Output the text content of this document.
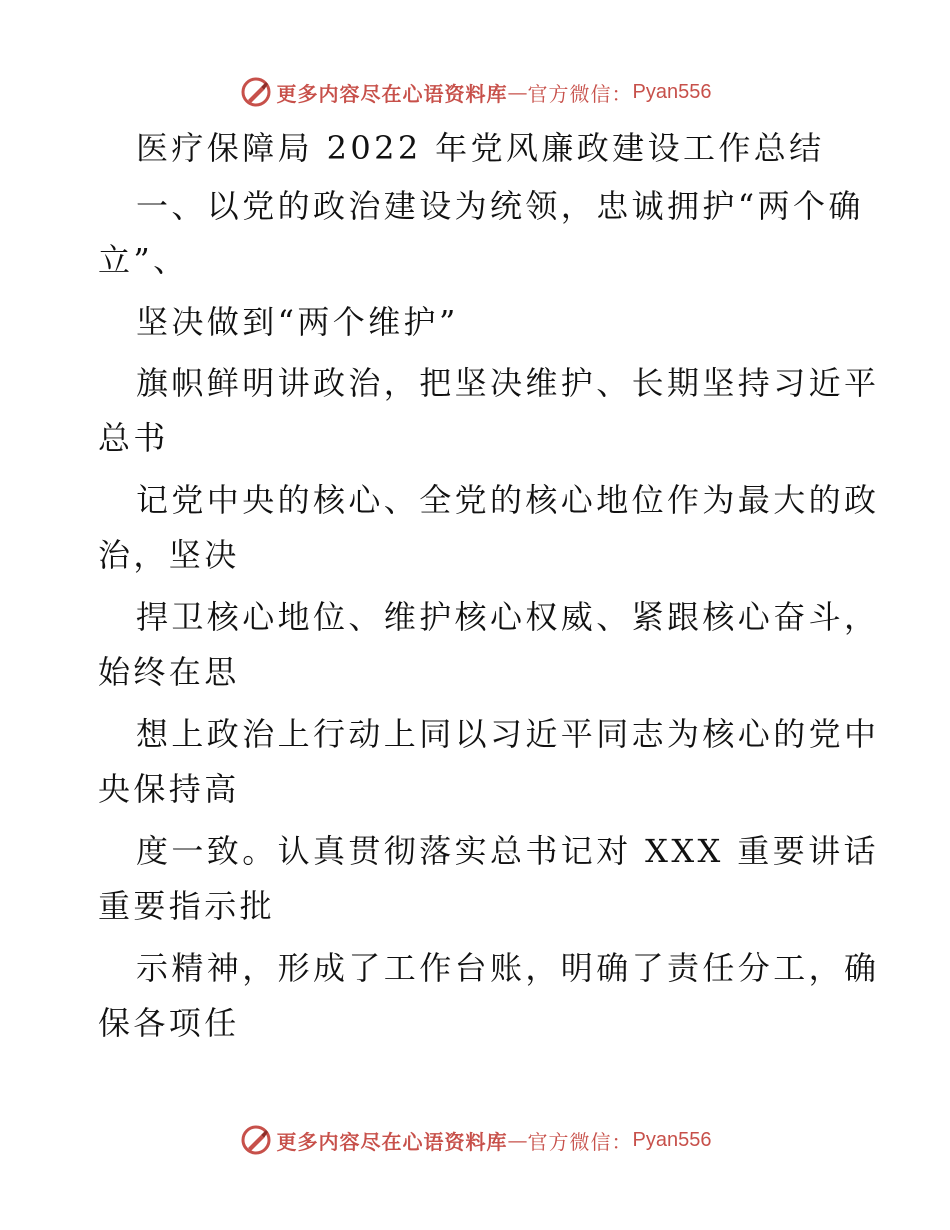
更多内容尽在心语资料库 — 官方微信： Pyan556
医疗保障局 2022 年党风廉政建设工作总结
一、以党的政治建设为统领，忠诚拥护“两个确
立”、
坚决做到“两个维护”
旗帜鲜明讲政治，把坚决维护、长期坚持习近平
总书
记党中央的核心、全党的核心地位作为最大的政
治，坚决
捍卫核心地位、维护核心权威、紧跟核心奋斗，
始终在思
想上政治上行动上同以习近平同志为核心的党中
央保持高
度一致。认真贯彻落实总书记对 XXX 重要讲话
重要指示批
示精神，形成了工作台账，明确了责任分工，确
保各项任
更多内容尽在心语资料库 — 官方微信： Pyan556
